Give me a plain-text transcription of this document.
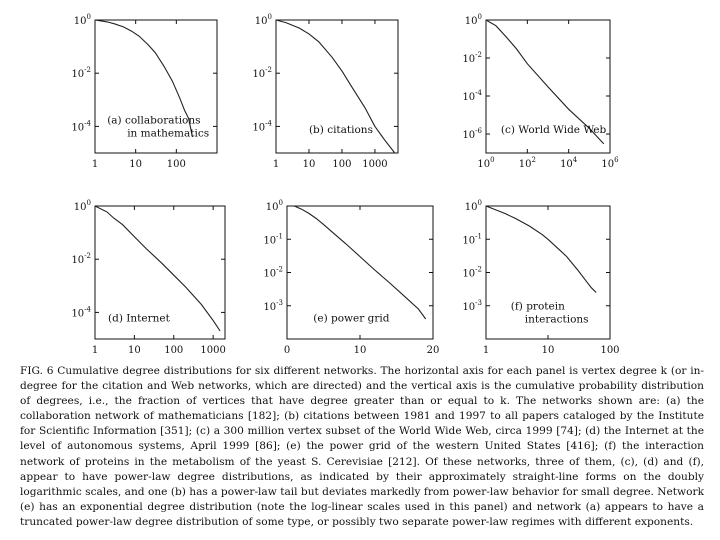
1	10 100
$10^0$
$10^{-2}$
$10^{-4}$ (a) collaborations in mathematics
1 10 100 1000
$10^0$
$10^{-2}$
$10^{-4}$
(b) citations
$10^0$ $10^2$ $10^4$ $10^6$
$10^0$
$10^{-2}$
$10^{-4}$
$10^{-6}$ (c) World Wide Web
1	10 100 1000
$10^0$
$10^{-2}$
$10^{-4}$
(d) Internet
0	10	20
$10^0$
$10^{-1}$
$10^{-2}$
$10^{-3}$
(e) power grid
1	10	100
$10^0$
$10^{-1}$
$10^{-2}$
$10^{-3}$	(f) protein interactions

FIG. 6 Cumulative degree distributions for six different networks. The horizontal axis for each panel is vertex degree k (or in-degree for the citation and Web networks, which are directed) and the vertical axis is the cumulative probability distribution of degrees, i.e., the fraction of vertices that have degree greater than or equal to k. The networks shown are: (a) the collaboration network of mathematicians [182]; (b) citations between 1981 and 1997 to all papers cataloged by the Institute for Scientific Information [351]; (c) a 300 million vertex subset of the World Wide Web, circa 1999 [74]; (d) the Internet at the level of autonomous systems, April 1999 [86]; (e) the power grid of the western United States [416]; (f) the interaction network of proteins in the metabolism of the yeast S. Cerevisiae [212]. Of these networks, three of them, (c), (d) and (f), appear to have power-law degree distributions, as indicated by their approximately straight-line forms on the doubly logarithmic scales, and one (b) has a power-law tail but deviates markedly from power-law behavior for small degree. Network (e) has an exponential degree distribution (note the log-linear scales used in this panel) and network (a) appears to have a truncated power-law degree distribution of some type, or possibly two separate power-law regimes with different exponents.
